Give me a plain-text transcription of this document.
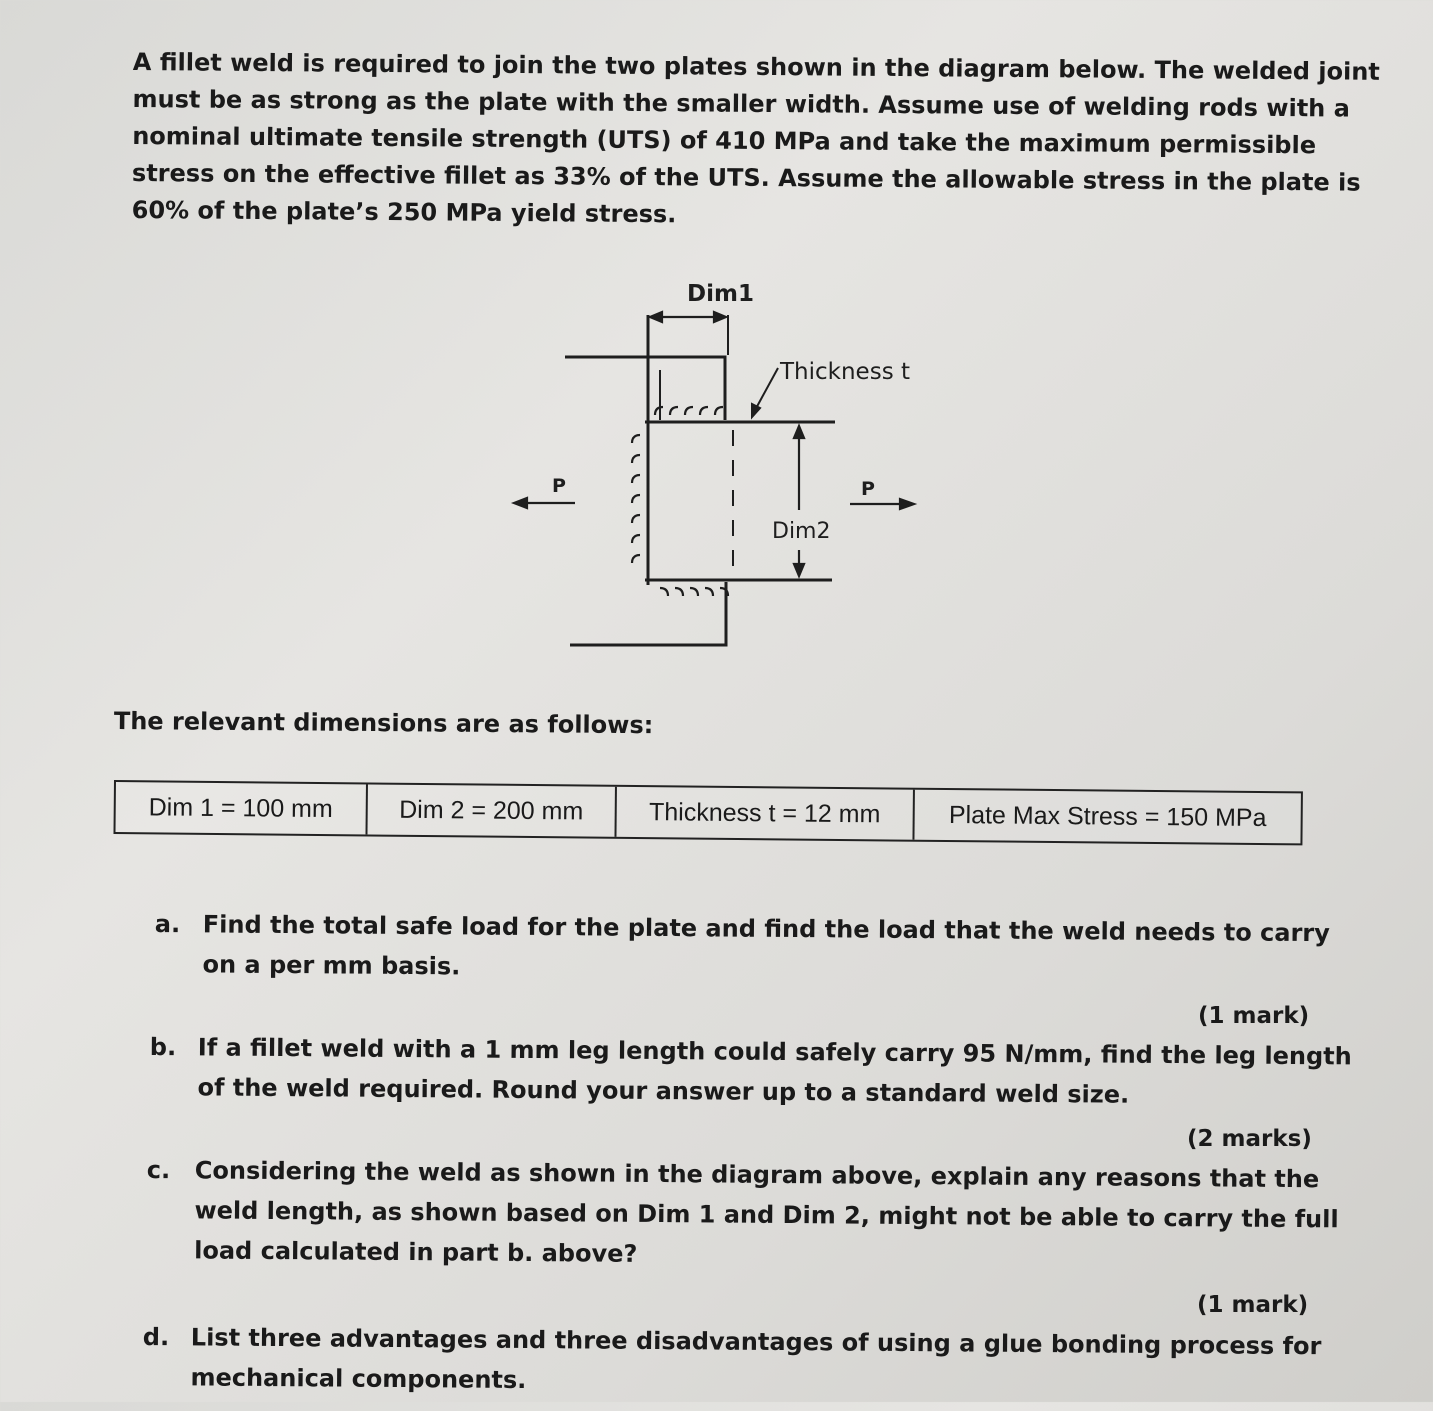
A fillet weld is required to join the two plates shown in the diagram below. The welded joint
must be as strong as the plate with the smaller width. Assume use of welding rods with a
nominal ultimate tensile strength (UTS) of 410 MPa and take the maximum permissible
stress on the effective fillet as 33% of the UTS. Assume the allowable stress in the plate is
60% of the plate’s 250 MPa yield stress.
Dim1
Thickness t
Dim2
P	P
The relevant dimensions are as follows:
Dim 1 = 100 mm	Dim 2 = 200 mm	Thickness t = 12 mm	Plate Max Stress = 150 MPa
a. Find the total safe load for the plate and find the load that the weld needs to carry
on a per mm basis.
(1 mark)
b. If a fillet weld with a 1 mm leg length could safely carry 95 N/mm, find the leg length
of the weld required. Round your answer up to a standard weld size.
(2 marks)
c. Considering the weld as shown in the diagram above, explain any reasons that the
weld length, as shown based on Dim 1 and Dim 2, might not be able to carry the full
load calculated in part b. above?
(1 mark)
d. List three advantages and three disadvantages of using a glue bonding process for
mechanical components.
